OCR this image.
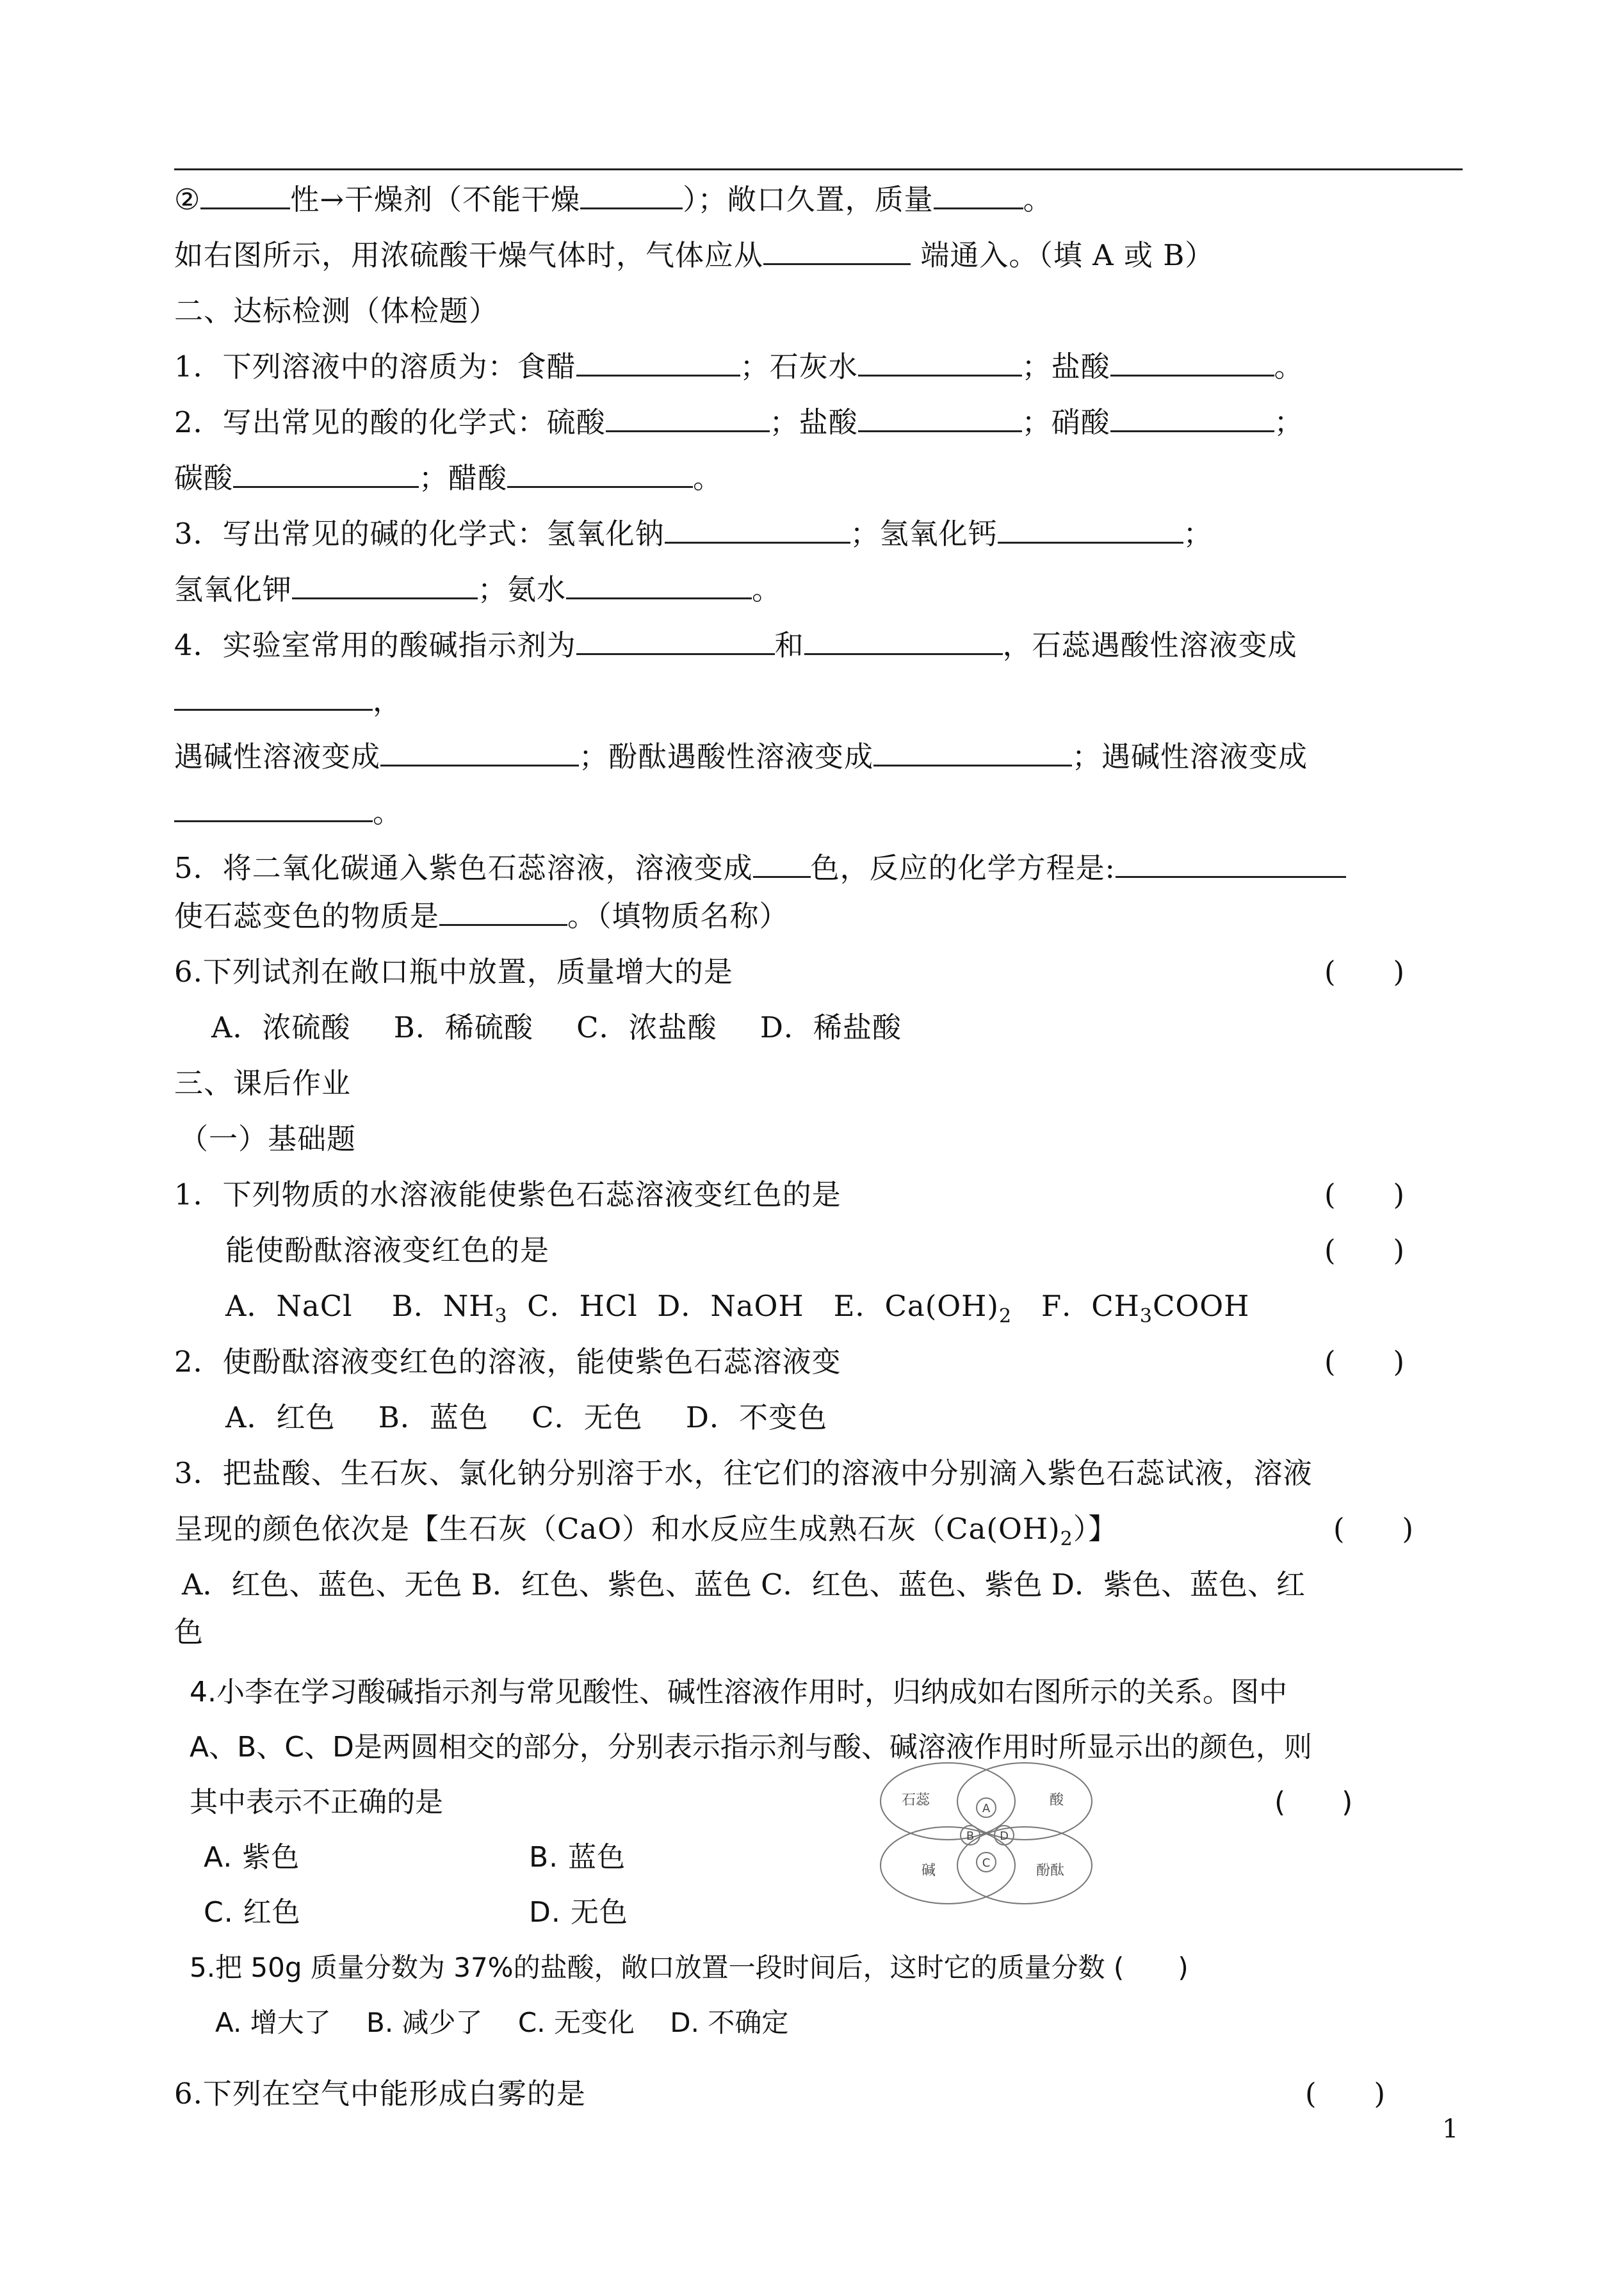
②	性→干燥剂（不能干燥	）；敞口久置，质量	。
如右图所示，用浓硫酸干燥气体时，气体应从	端通入。（填 A 或 B）
二、达标检测（体检题）
1．下列溶液中的溶质为：食醋	；石灰水	；盐酸	。
2．写出常见的酸的化学式：硫酸	；盐酸	；硝酸	；
碳酸	；醋酸	。
3．写出常见的碱的化学式：氢氧化钠	；氢氧化钙	；
氢氧化钾	；氨水	。
4．实验室常用的酸碱指示剂为	和	，石蕊遇酸性溶液变成
，
遇碱性溶液变成	；酚酞遇酸性溶液变成	；遇碱性溶液变成
。
5．将二氧化碳通入紫色石蕊溶液，溶液变成 色，反应的化学方程是:
使石蕊变色的物质是	。（填物质名称）
6.下列试剂在敞口瓶中放置，质量增大的是	(　　)
A．浓硫酸　 B．稀硫酸　 C．浓盐酸　 D．稀盐酸
三、课后作业
（一）基础题
1．下列物质的水溶液能使紫色石蕊溶液变红色的是	(　　)
能使酚酞溶液变红色的是	(　　)
A．NaCl B．$NH_3$ C．HCl D．NaOH E．$Ca(OH)_2$ F．$CH_3COOH$
2．使酚酞溶液变红色的溶液，能使紫色石蕊溶液变	(　　)
A．红色　 B．蓝色　 C．无色　 D．不变色
3．把盐酸、生石灰、氯化钠分别溶于水，往它们的溶液中分别滴入紫色石蕊试液，溶液
呈现的颜色依次是【生石灰（CaO）和水反应生成熟石灰$(Ca(OH)_2)$】	(　　)
A．红色、蓝色、无色 B．红色、紫色、蓝色 C．红色、蓝色、紫色 D．紫色、蓝色、红
色
4.小李在学习酸碱指示剂与常见酸性、碱性溶液作用时，归纳成如右图所示的关系。图中
A、B、C、D是两圆相交的部分，分别表示指示剂与酸、碱溶液作用时所显示出的颜色，则
其中表示不正确的是	(　　)
A. 紫色	B. 蓝色
C. 红色	D. 无色
石蕊	酸
碱	酚酞
A
B
C
D
5.把 50g 质量分数为 37%的盐酸，敞口放置一段时间后，这时它的质量分数 (　　)
A. 增大了　 B. 减少了　 C. 无变化　 D. 不确定
6.下列在空气中能形成白雾的是	(　　)
1
